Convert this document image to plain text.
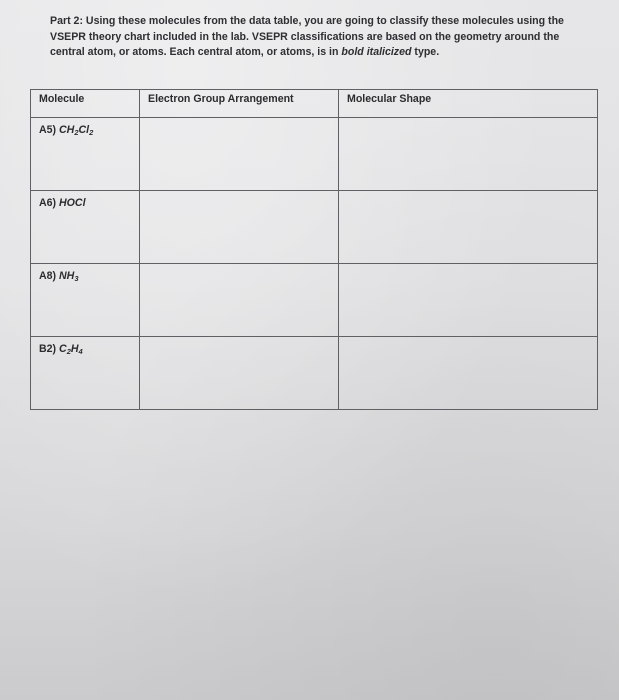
Part 2: Using these molecules from the data table, you are going to classify these molecules using the VSEPR theory chart included in the lab. VSEPR classifications are based on the geometry around the central atom, or atoms. Each central atom, or atoms, is in bold italicized type.

Molecule	Electron Group Arrangement	Molecular Shape
A5) $CH_2Cl_2$		
A6) HOCl		
A8) $NH_3$		
B2) $C_2H_4$		
